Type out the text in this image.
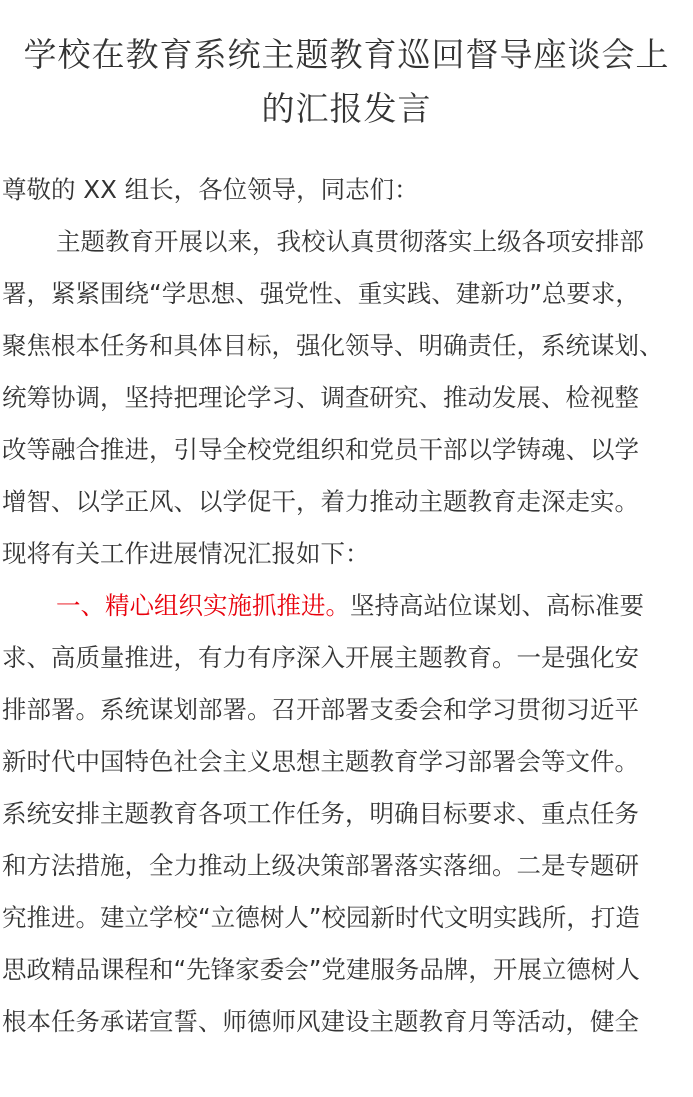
学校在教育系统主题教育巡回督导座谈会上
的汇报发言
尊敬的 XX 组长，各位领导，同志们：
主题教育开展以来，我校认真贯彻落实上级各项安排部
署，紧紧围绕“学思想、强党性、重实践、建新功”总要求，
聚焦根本任务和具体目标，强化领导、明确责任，系统谋划、
统筹协调，坚持把理论学习、调查研究、推动发展、检视整
改等融合推进，引导全校党组织和党员干部以学铸魂、以学
增智、以学正风、以学促干，着力推动主题教育走深走实。
现将有关工作进展情况汇报如下：
一、精心组织实施抓推进。坚持高站位谋划、高标准要
求、高质量推进，有力有序深入开展主题教育。一是强化安
排部署。系统谋划部署。召开部署支委会和学习贯彻习近平
新时代中国特色社会主义思想主题教育学习部署会等文件。
系统安排主题教育各项工作任务，明确目标要求、重点任务
和方法措施，全力推动上级决策部署落实落细。二是专题研
究推进。建立学校“立德树人”校园新时代文明实践所，打造
思政精品课程和“先锋家委会”党建服务品牌，开展立德树人
根本任务承诺宣誓、师德师风建设主题教育月等活动，健全
